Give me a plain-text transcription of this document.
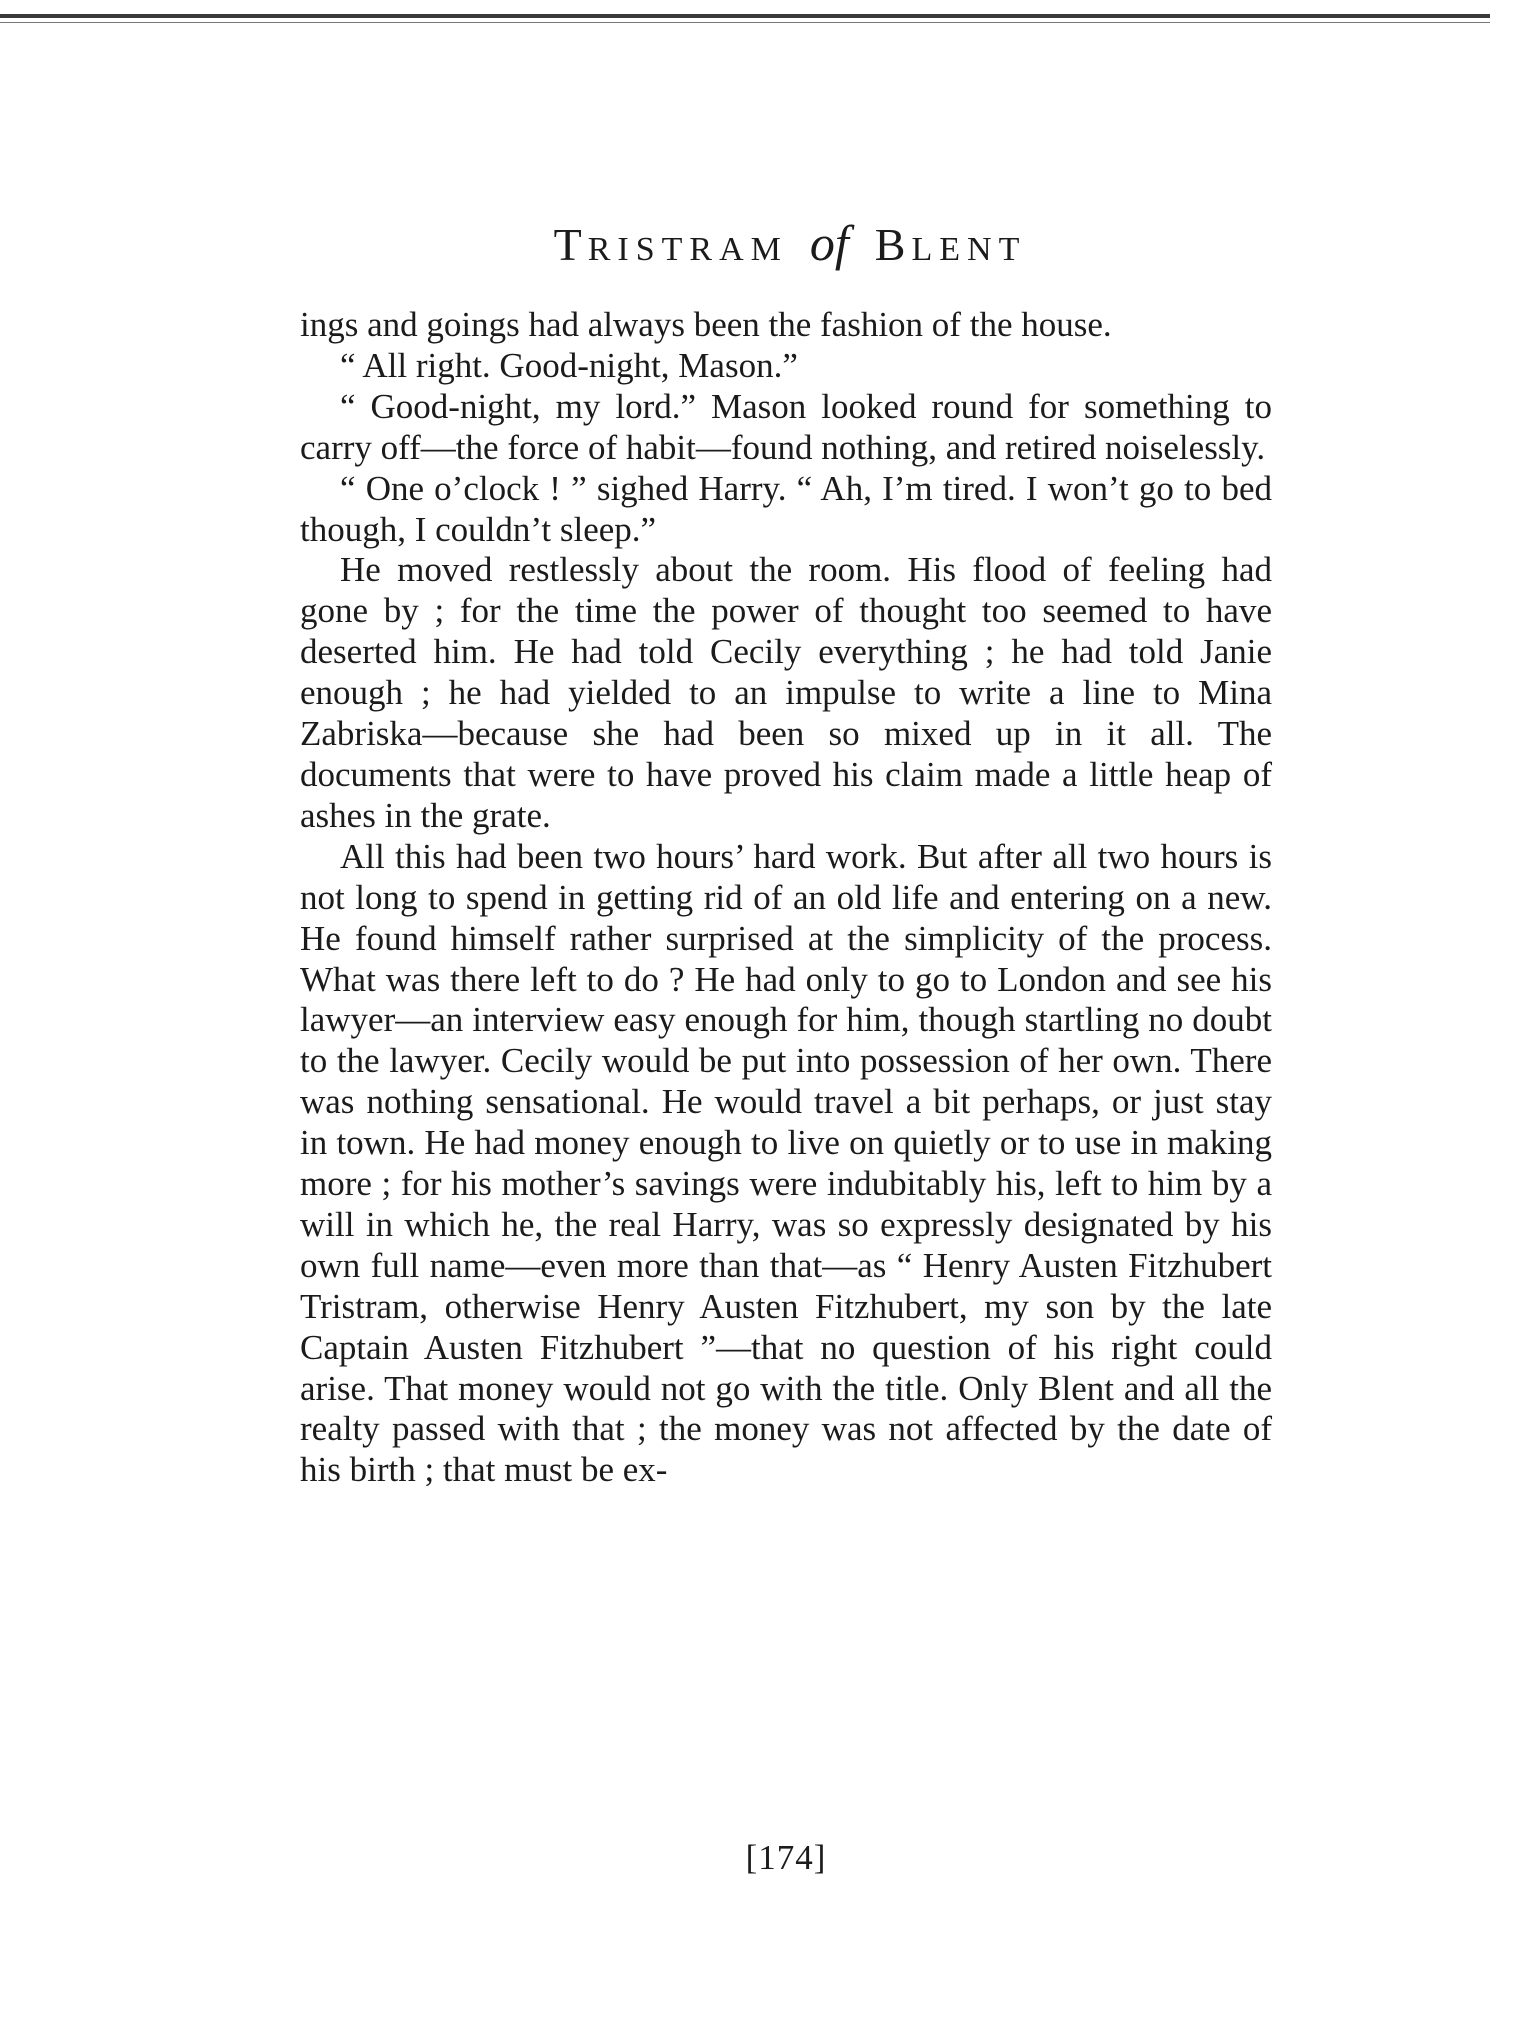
TRISTRAM of BLENT

ings and goings had always been the fashion of the house.

“ All right. Good-night, Mason.”

“ Good-night, my lord.” Mason looked round for something to carry off—the force of habit—found nothing, and retired noiselessly.

“ One o’clock ! ” sighed Harry. “ Ah, I’m tired. I won’t go to bed though, I couldn’t sleep.”

He moved restlessly about the room. His flood of feeling had gone by ; for the time the power of thought too seemed to have deserted him. He had told Cecily everything ; he had told Janie enough ; he had yielded to an impulse to write a line to Mina Zabriska—because she had been so mixed up in it all. The documents that were to have proved his claim made a little heap of ashes in the grate.

All this had been two hours’ hard work. But after all two hours is not long to spend in getting rid of an old life and entering on a new. He found himself rather surprised at the simplicity of the process. What was there left to do ? He had only to go to London and see his lawyer—an interview easy enough for him, though startling no doubt to the lawyer. Cecily would be put into possession of her own. There was nothing sensational. He would travel a bit perhaps, or just stay in town. He had money enough to live on quietly or to use in making more ; for his mother’s savings were indubitably his, left to him by a will in which he, the real Harry, was so expressly designated by his own full name—even more than that—as “ Henry Austen Fitzhubert Tristram, otherwise Henry Austen Fitzhubert, my son by the late Captain Austen Fitzhubert ”—that no question of his right could arise. That money would not go with the title. Only Blent and all the realty passed with that ; the money was not affected by the date of his birth ; that must be ex-

[174]
